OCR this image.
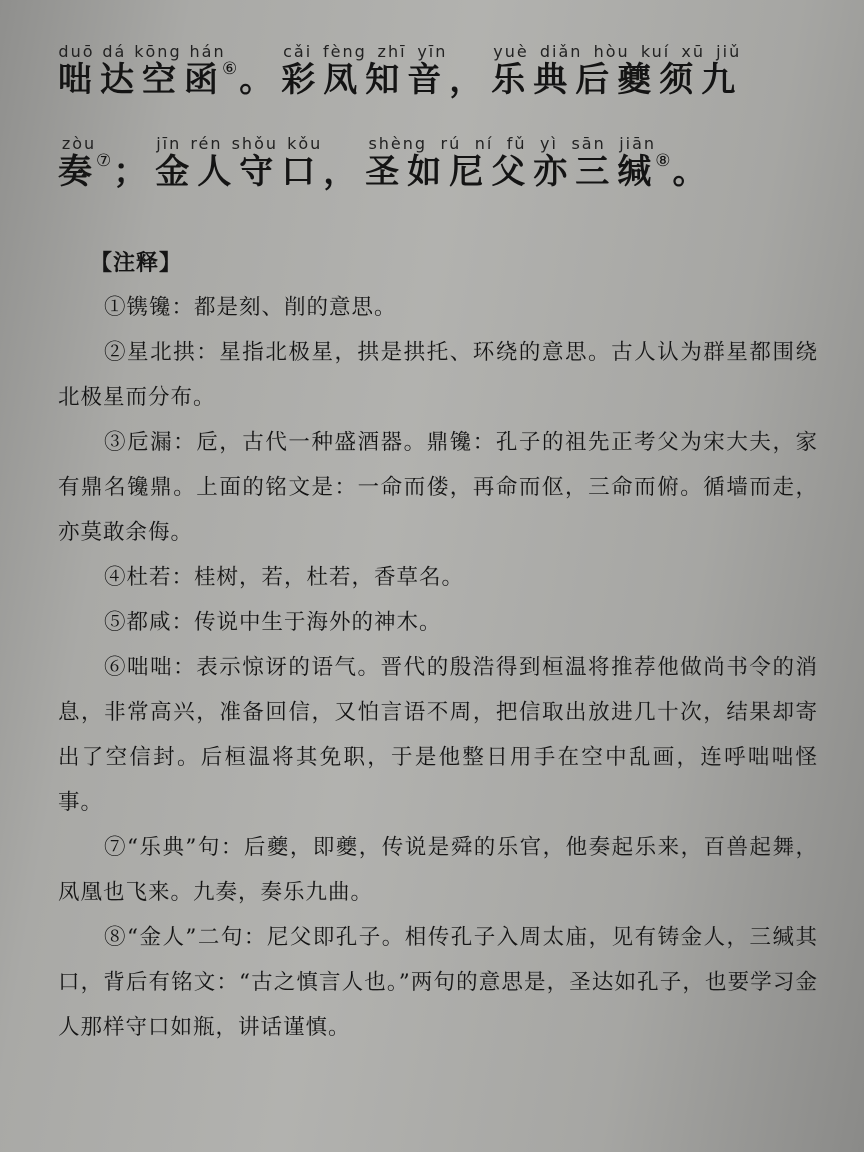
咄达空函duō dá kōng hán⑥。彩凤知音cǎi fèng zhī yīn，乐典后夔须九yuè diǎn hòu kuí xū jiǔ
奏zòu⑦；金人守口jīn rén shǒu kǒu，圣如尼父亦三缄shèng rú ní fǔ yì sān jiān⑧。
【注释】

①镌镵：都是刻、削的意思。

②星北拱：星指北极星，拱是拱托、环绕的意思。古人认为群星都围绕北极星而分布。

③卮漏：卮，古代一种盛酒器。鼎镵：孔子的祖先正考父为宋大夫，家有鼎名镵鼎。上面的铭文是：一命而偻，再命而伛，三命而俯。循墙而走，亦莫敢余侮。

④杜若：桂树，若，杜若，香草名。

⑤都咸：传说中生于海外的神木。

⑥咄咄：表示惊讶的语气。晋代的殷浩得到桓温将推荐他做尚书令的消息，非常高兴，准备回信，又怕言语不周，把信取出放进几十次，结果却寄出了空信封。后桓温将其免职，于是他整日用手在空中乱画，连呼咄咄怪事。

⑦“乐典”句：后夔，即夔，传说是舜的乐官，他奏起乐来，百兽起舞，凤凰也飞来。九奏，奏乐九曲。

⑧“金人”二句：尼父即孔子。相传孔子入周太庙，见有铸金人，三缄其口，背后有铭文：“古之慎言人也。”两句的意思是，圣达如孔子，也要学习金人那样守口如瓶，讲话谨慎。
